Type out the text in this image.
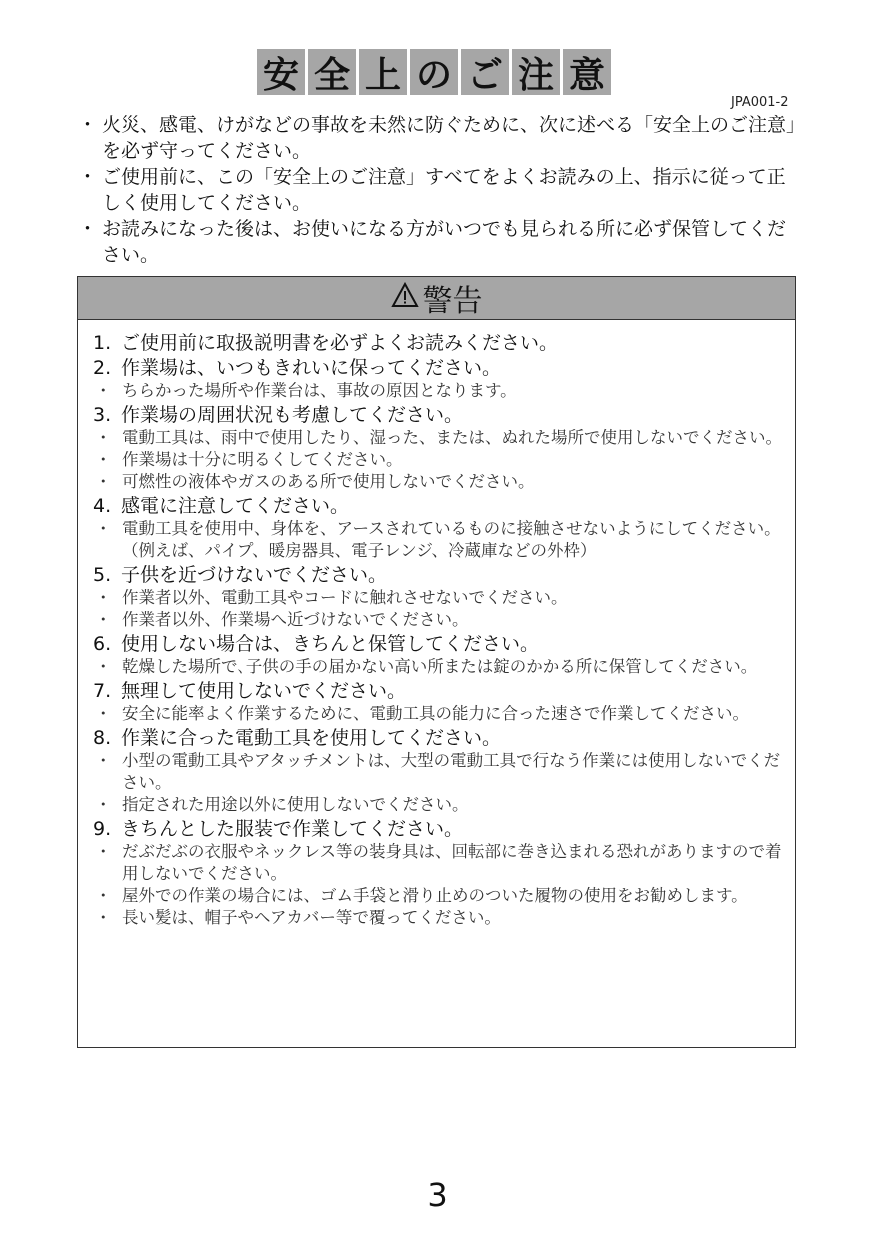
安 全 上 の ご 注 意
JPA001-2
・ 火災、感電、けがなどの事故を未然に防ぐために、次に述べる「安全上のご注意」を必ず守ってください。
・ ご使用前に、この「安全上のご注意」すべてをよくお読みの上、指示に従って正しく使用してください。
・ お読みになった後は、お使いになる方がいつでも見られる所に必ず保管してください。
警告
1. ご使用前に取扱説明書を必ずよくお読みください。
2. 作業場は、いつもきれいに保ってください。
・ ちらかった場所や作業台は、事故の原因となります。
3. 作業場の周囲状況も考慮してください。
・ 電動工具は、雨中で使用したり、湿った、または、ぬれた場所で使用しないでください。
・ 作業場は十分に明るくしてください。
・ 可燃性の液体やガスのある所で使用しないでください。
4. 感電に注意してください。
・ 電動工具を使用中、身体を、アースされているものに接触させないようにしてください。（例えば、パイプ、暖房器具、電子レンジ、冷蔵庫などの外枠）
5. 子供を近づけないでください。
・ 作業者以外、電動工具やコードに触れさせないでください。
・ 作業者以外、作業場へ近づけないでください。
6. 使用しない場合は、きちんと保管してください。
・ 乾燥した場所で､子供の手の届かない高い所または錠のかかる所に保管してください。
7. 無理して使用しないでください。
・ 安全に能率よく作業するために、電動工具の能力に合った速さで作業してください。
8. 作業に合った電動工具を使用してください。
・ 小型の電動工具やアタッチメントは、大型の電動工具で行なう作業には使用しないでください。
・ 指定された用途以外に使用しないでください。
9. きちんとした服装で作業してください。
・ だぶだぶの衣服やネックレス等の装身具は、回転部に巻き込まれる恐れがありますので着用しないでください。
・ 屋外での作業の場合には、ゴム手袋と滑り止めのついた履物の使用をお勧めします。
・ 長い髪は、帽子やヘアカバー等で覆ってください。
3
